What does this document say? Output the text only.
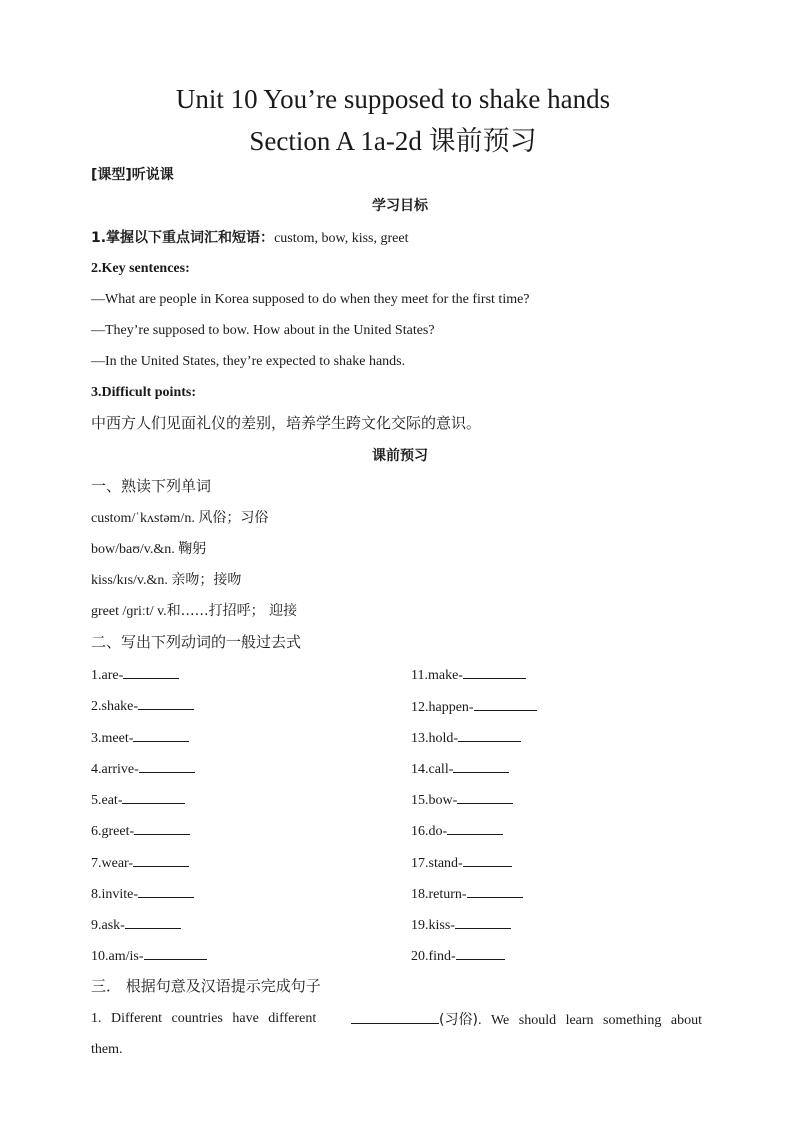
Unit 10 You’re supposed to shake hands
Section A 1a-2d 课前预习
[课型]听说课
学习目标
1.掌握以下重点词汇和短语：custom, bow, kiss, greet
2.Key sentences:
—What are people in Korea supposed to do when they meet for the first time?
—They’re supposed to bow. How about in the United States?
—In the United States, they’re expected to shake hands.
3.Difficult points:
中西方人们见面礼仪的差别，培养学生跨文化交际的意识。
课前预习
一、熟读下列单词
custom/ˈkʌstəm/n. 风俗；习俗
bow/baʊ/v.&n. 鞠躬
kiss/kɪs/v.&n. 亲吻；接吻
greet /ɡriːt/ v.和……打招呼； 迎接
二、写出下列动词的一般过去式
1.are-
2.shake-
3.meet-
4.arrive-
5.eat-
6.greet-
7.wear-
8.invite-
9.ask-
10.am/is-
11.make-
12.happen-
13.hold-
14.call-
15.bow-
16.do-
17.stand-
18.return-
19.kiss-
20.find-
三． 根据句意及汉语提示完成句子
1. Different countries have different	(习俗). We should learn something about
them.
